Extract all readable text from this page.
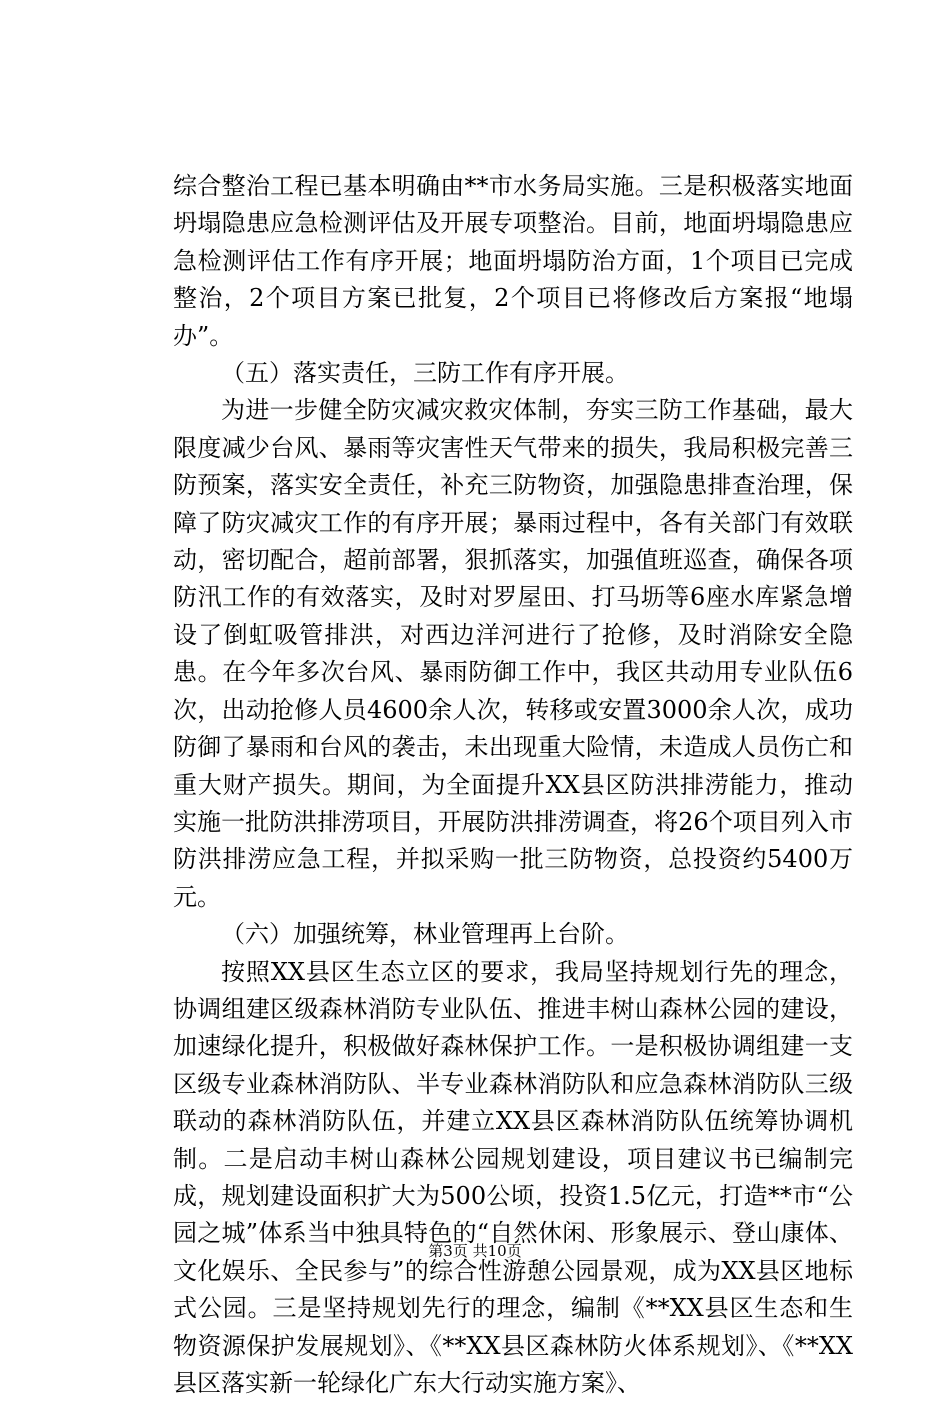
综合整治工程已基本明确由**市水务局实施。三是积极落实地面坍塌隐患应急检测评估及开展专项整治。目前，地面坍塌隐患应急检测评估工作有序开展；地面坍塌防治方面，1个项目已完成整治，2个项目方案已批复，2个项目已将修改后方案报“地塌办”。

（五）落实责任，三防工作有序开展。

为进一步健全防灾减灾救灾体制，夯实三防工作基础，最大限度减少台风、暴雨等灾害性天气带来的损失，我局积极完善三防预案，落实安全责任，补充三防物资，加强隐患排查治理，保障了防灾减灾工作的有序开展；暴雨过程中，各有关部门有效联动，密切配合，超前部署，狠抓落实，加强值班巡查，确保各项防汛工作的有效落实，及时对罗屋田、打马坜等6座水库紧急增设了倒虹吸管排洪，对西边洋河进行了抢修，及时消除安全隐患。在今年多次台风、暴雨防御工作中，我区共动用专业队伍6次，出动抢修人员4600余人次，转移或安置3000余人次，成功防御了暴雨和台风的袭击，未出现重大险情，未造成人员伤亡和重大财产损失。期间，为全面提升XX县区防洪排涝能力，推动实施一批防洪排涝项目，开展防洪排涝调查，将26个项目列入市防洪排涝应急工程，并拟采购一批三防物资，总投资约5400万元。

（六）加强统筹，林业管理再上台阶。

按照XX县区生态立区的要求，我局坚持规划行先的理念，协调组建区级森林消防专业队伍、推进丰树山森林公园的建设，加速绿化提升，积极做好森林保护工作。一是积极协调组建一支区级专业森林消防队、半专业森林消防队和应急森林消防队三级联动的森林消防队伍，并建立XX县区森林消防队伍统筹协调机制。二是启动丰树山森林公园规划建设，项目建议书已编制完成，规划建设面积扩大为500公顷，投资1.5亿元，打造**市“公园之城”体系当中独具特色的“自然休闲、形象展示、登山康体、文化娱乐、全民参与”的综合性游憩公园景观，成为XX县区地标式公园。三是坚持规划先行的理念，编制《**XX县区生态和生物资源保护发展规划》、《**XX县区森林防火体系规划》、《**XX县区落实新一轮绿化广东大行动实施方案》、

第3页 共10页
